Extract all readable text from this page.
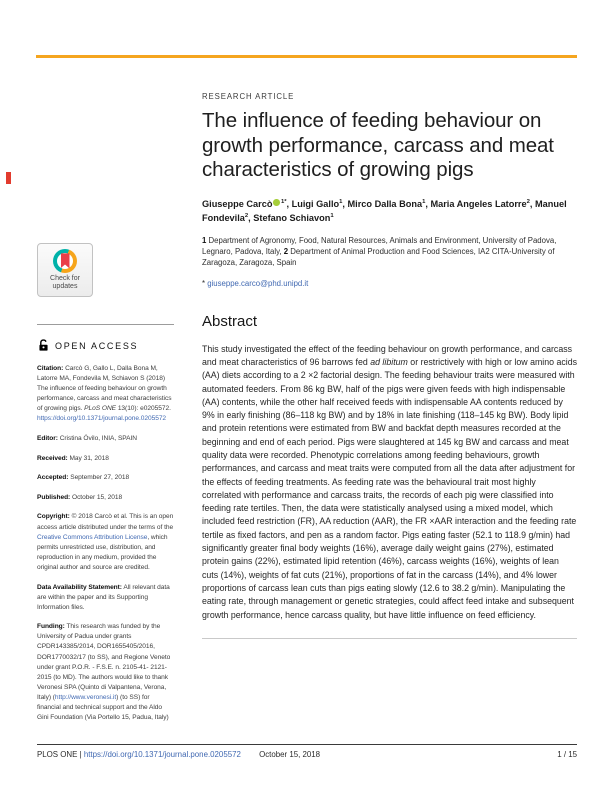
Check for
updates
OPEN ACCESS

Citation: Carcò G, Gallo L, Dalla Bona M, Latorre MA, Fondevila M, Schiavon S (2018) The influence of feeding behaviour on growth performance, carcass and meat characteristics of growing pigs. PLoS ONE 13(10): e0205572. https://doi.org/10.1371/journal.pone.0205572

Editor: Cristina Óvilo, INIA, SPAIN

Received: May 31, 2018

Accepted: September 27, 2018

Published: October 15, 2018

Copyright: © 2018 Carcò et al. This is an open access article distributed under the terms of the Creative Commons Attribution License, which permits unrestricted use, distribution, and reproduction in any medium, provided the original author and source are credited.

Data Availability Statement: All relevant data are within the paper and its Supporting Information files.

Funding: This research was funded by the University of Padua under grants CPDR143385/2014, DOR1655405/2016, DOR1770032/17 (to SS), and Regione Veneto under grant P.O.R. - F.S.E. n. 2105-41- 2121-2015 (to MD). The authors would like to thank Veronesi SPA (Quinto di Valpantena, Verona, Italy) (http://www.veronesi.it) (to SS) for financial and technical support and the Aldo Gini Foundation (Via Portello 15, Padua, Italy)

RESEARCH ARTICLE
The influence of feeding behaviour on growth performance, carcass and meat characteristics of growing pigs
Giuseppe Carcò $^{1*}$, Luigi Gallo$^1$, Mirco Dalla Bona$^1$, Maria Angeles Latorre$^2$, Manuel Fondevila$^2$, Stefano Schiavon$^1$

1 Department of Agronomy, Food, Natural Resources, Animals and Environment, University of Padova, Legnaro, Padova, Italy, 2 Department of Animal Production and Food Sciences, IA2 CITA-University of Zaragoza, Zaragoza, Spain

* giuseppe.carco@phd.unipd.it

Abstract

This study investigated the effect of the feeding behaviour on growth performance, and carcass and meat characteristics of 96 barrows fed ad libitum or restrictively with high or low amino acids (AA) diets according to a 2 ×2 factorial design. The feeding behaviour traits were measured with automated feeders. From 86 kg BW, half of the pigs were given feeds with high indispensable (AA) contents, while the other half received feeds with indispensable AA contents reduced by 9% in early finishing (86–118 kg BW) and by 18% in late finishing (118–145 kg BW). Body lipid and protein retentions were estimated from BW and backfat depth measures recorded at the beginning and end of each period. Pigs were slaughtered at 145 kg BW and carcass and meat quality data were recorded. Phenotypic correlations among feeding behaviours, growth performances, and carcass and meat traits were computed from all the data after adjustment for the effects of feeding treatments. As feeding rate was the behavioural trait most highly correlated with performance and carcass traits, the records of each pig were classified into feeding rate tertiles. Then, the data were statistically analysed using a mixed model, which included feed restriction (FR), AA reduction (AAR), the FR ×AAR interaction and the feeding rate tertile as fixed factors, and pen as a random factor. Pigs eating faster (52.1 to 118.9 g/min) had significantly greater final body weights (16%), average daily weight gains (27%), estimated protein gains (22%), estimated lipid retention (46%), carcass weights (16%), weights of lean cuts (14%), weights of fat cuts (21%), proportions of fat in the carcass (14%), and 4% lower proportions of carcass lean cuts than pigs eating slowly (12.6 to 38.2 g/min). Manipulating the eating rate, through management or genetic strategies, could affect feed intake and subsequent growth performance, hence carcass quality, but have little influence on feed efficiency.

PLOS ONE | https://doi.org/10.1371/journal.pone.0205572 October 15, 2018	1 / 15
